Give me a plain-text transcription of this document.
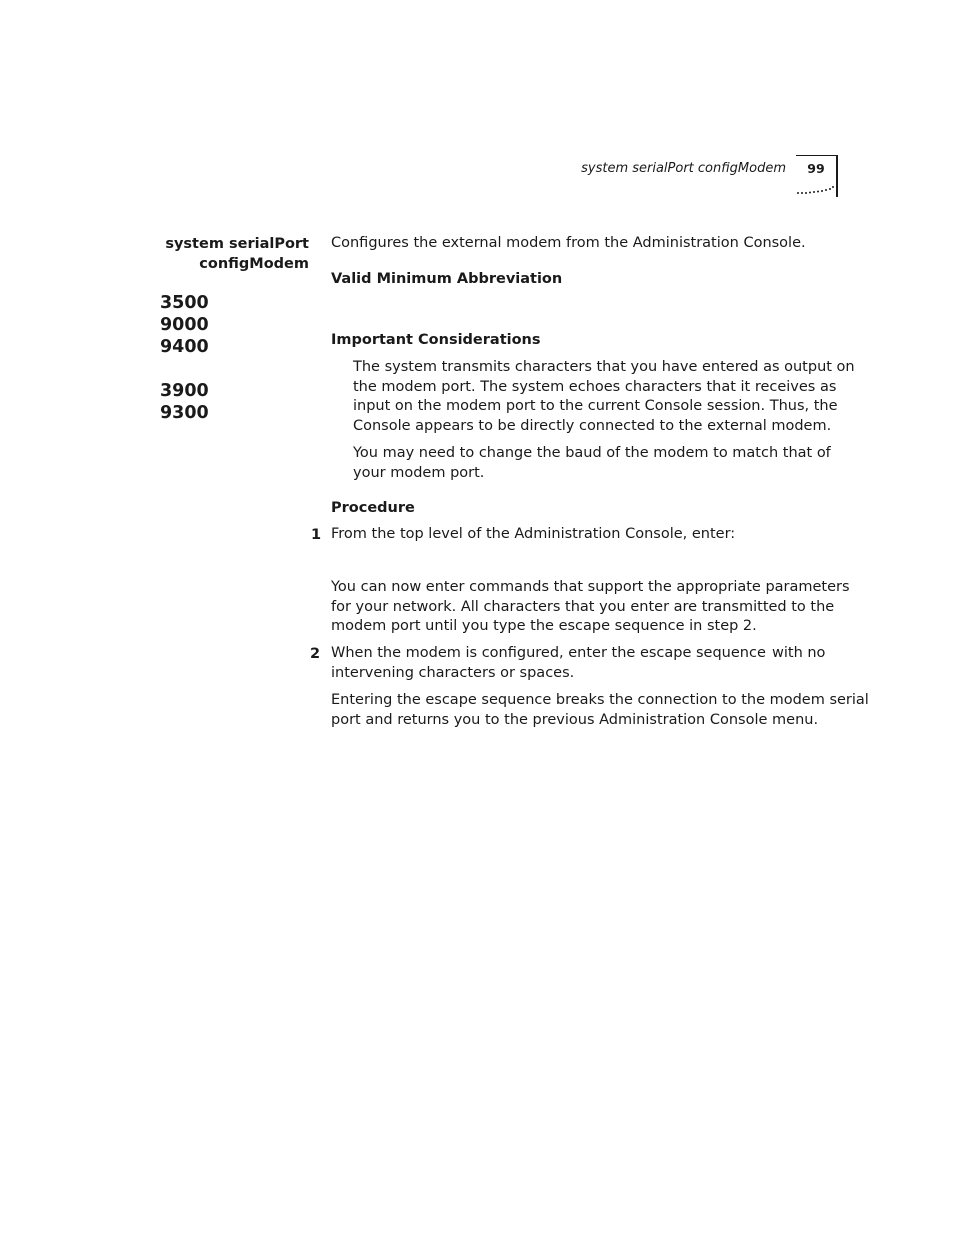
system serialPort configModem	99
system serialPort
configModem
3500
9000
9400
3900
9300
Configures the external modem from the Administration Console.
Valid Minimum Abbreviation
Important Considerations
The system transmits characters that you have entered as output on
the modem port. The system echoes characters that it receives as
input on the modem port to the current Console session. Thus, the
Console appears to be directly connected to the external modem.
You may need to change the baud of the modem to match that of
your modem port.
Procedure
1 From the top level of the Administration Console, enter:
You can now enter commands that support the appropriate parameters
for your network. All characters that you enter are transmitted to the
modem port until you type the escape sequence in step 2.
2 When the modem is configured, enter the escape sequence with no
intervening characters or spaces.
Entering the escape sequence breaks the connection to the modem serial
port and returns you to the previous Administration Console menu.
